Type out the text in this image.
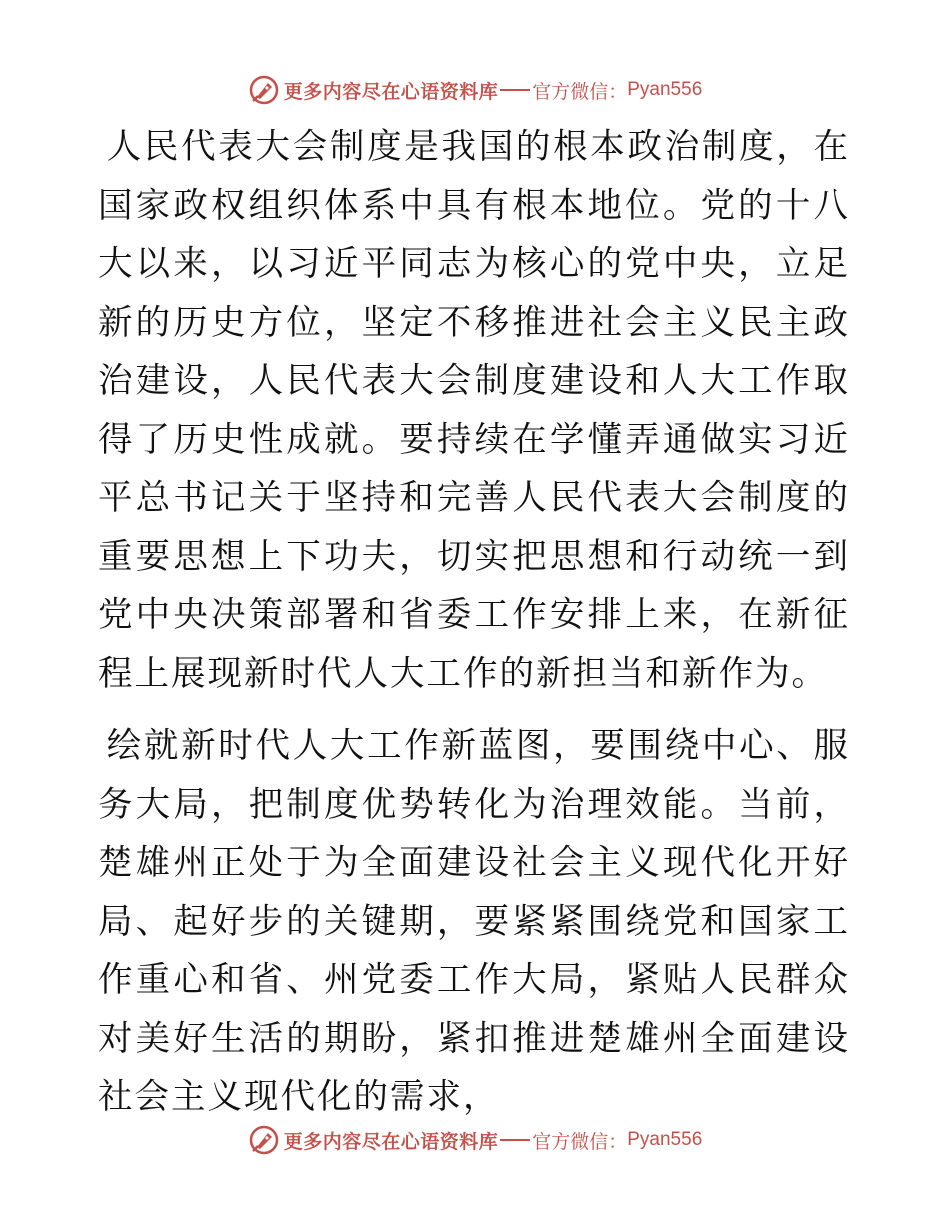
更多内容尽在心语资料库 官方微信： Pyan556

人民代表大会制度是我国的根本政治制度，在国家政权组织体系中具有根本地位。党的十八大以来，以习近平同志为核心的党中央，立足新的历史方位，坚定不移推进社会主义民主政治建设，人民代表大会制度建设和人大工作取得了历史性成就。要持续在学懂弄通做实习近平总书记关于坚持和完善人民代表大会制度的重要思想上下功夫，切实把思想和行动统一到党中央决策部署和省委工作安排上来，在新征程上展现新时代人大工作的新担当和新作为。

绘就新时代人大工作新蓝图，要围绕中心、服务大局，把制度优势转化为治理效能。当前，楚雄州正处于为全面建设社会主义现代化开好局、起好步的关键期，要紧紧围绕党和国家工作重心和省、州党委工作大局，紧贴人民群众对美好生活的期盼，紧扣推进楚雄州全面建设社会主义现代化的需求，

更多内容尽在心语资料库 官方微信： Pyan556
